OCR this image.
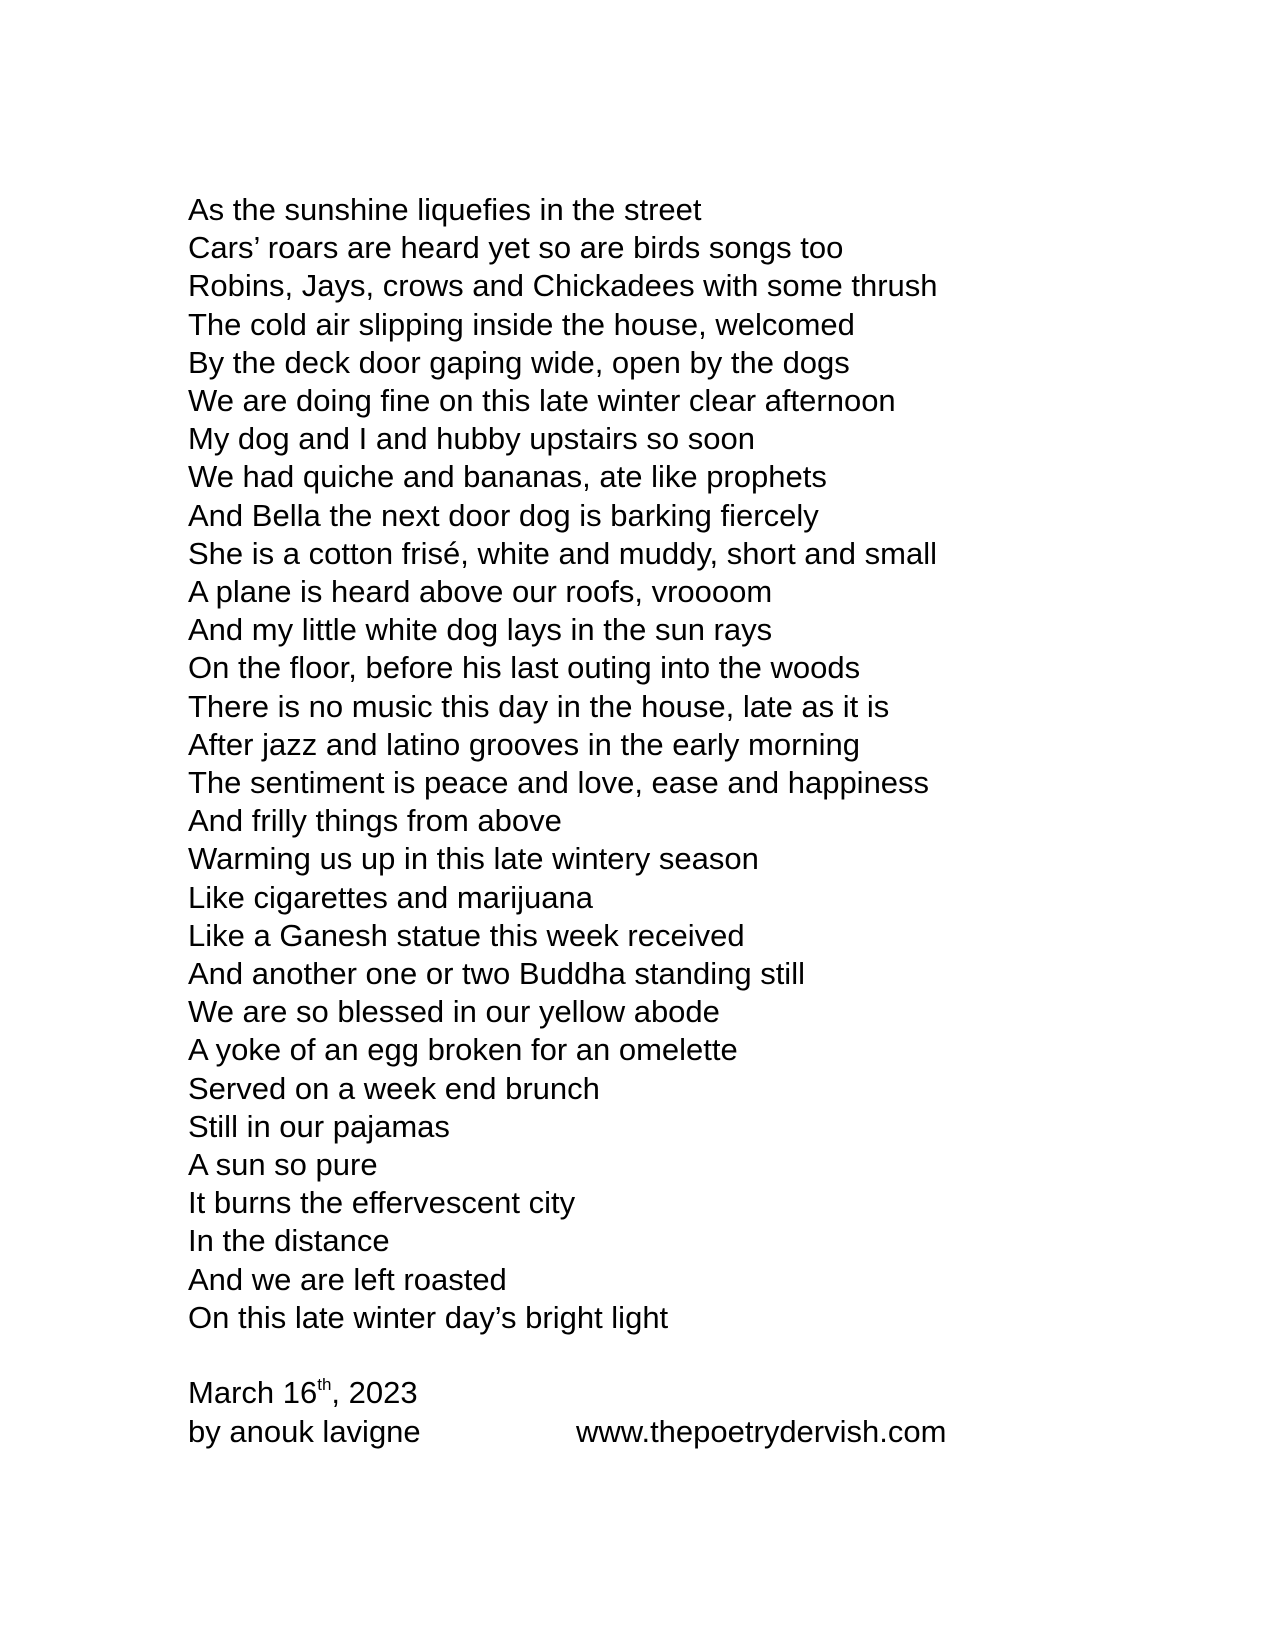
As the sunshine liquefies in the street
Cars’ roars are heard yet so are birds songs too
Robins, Jays, crows and Chickadees with some thrush
The cold air slipping inside the house, welcomed
By the deck door gaping wide, open by the dogs
We are doing fine on this late winter clear afternoon
My dog and I and hubby upstairs so soon
We had quiche and bananas, ate like prophets
And Bella the next door dog is barking fiercely
She is a cotton frisé, white and muddy, short and small
A plane is heard above our roofs, vroooom
And my little white dog lays in the sun rays
On the floor, before his last outing into the woods
There is no music this day in the house, late as it is
After jazz and latino grooves in the early morning
The sentiment is peace and love, ease and happiness
And frilly things from above
Warming us up in this late wintery season
Like cigarettes and marijuana
Like a Ganesh statue this week received
And another one or two Buddha standing still
We are so blessed in our yellow abode
A yoke of an egg broken for an omelette
Served on a week end brunch
Still in our pajamas
A sun so pure
It burns the effervescent city
In the distance
And we are left roasted
On this late winter day’s bright light
March 16th, 2023
by anouk lavigne	www.thepoetrydervish.com
